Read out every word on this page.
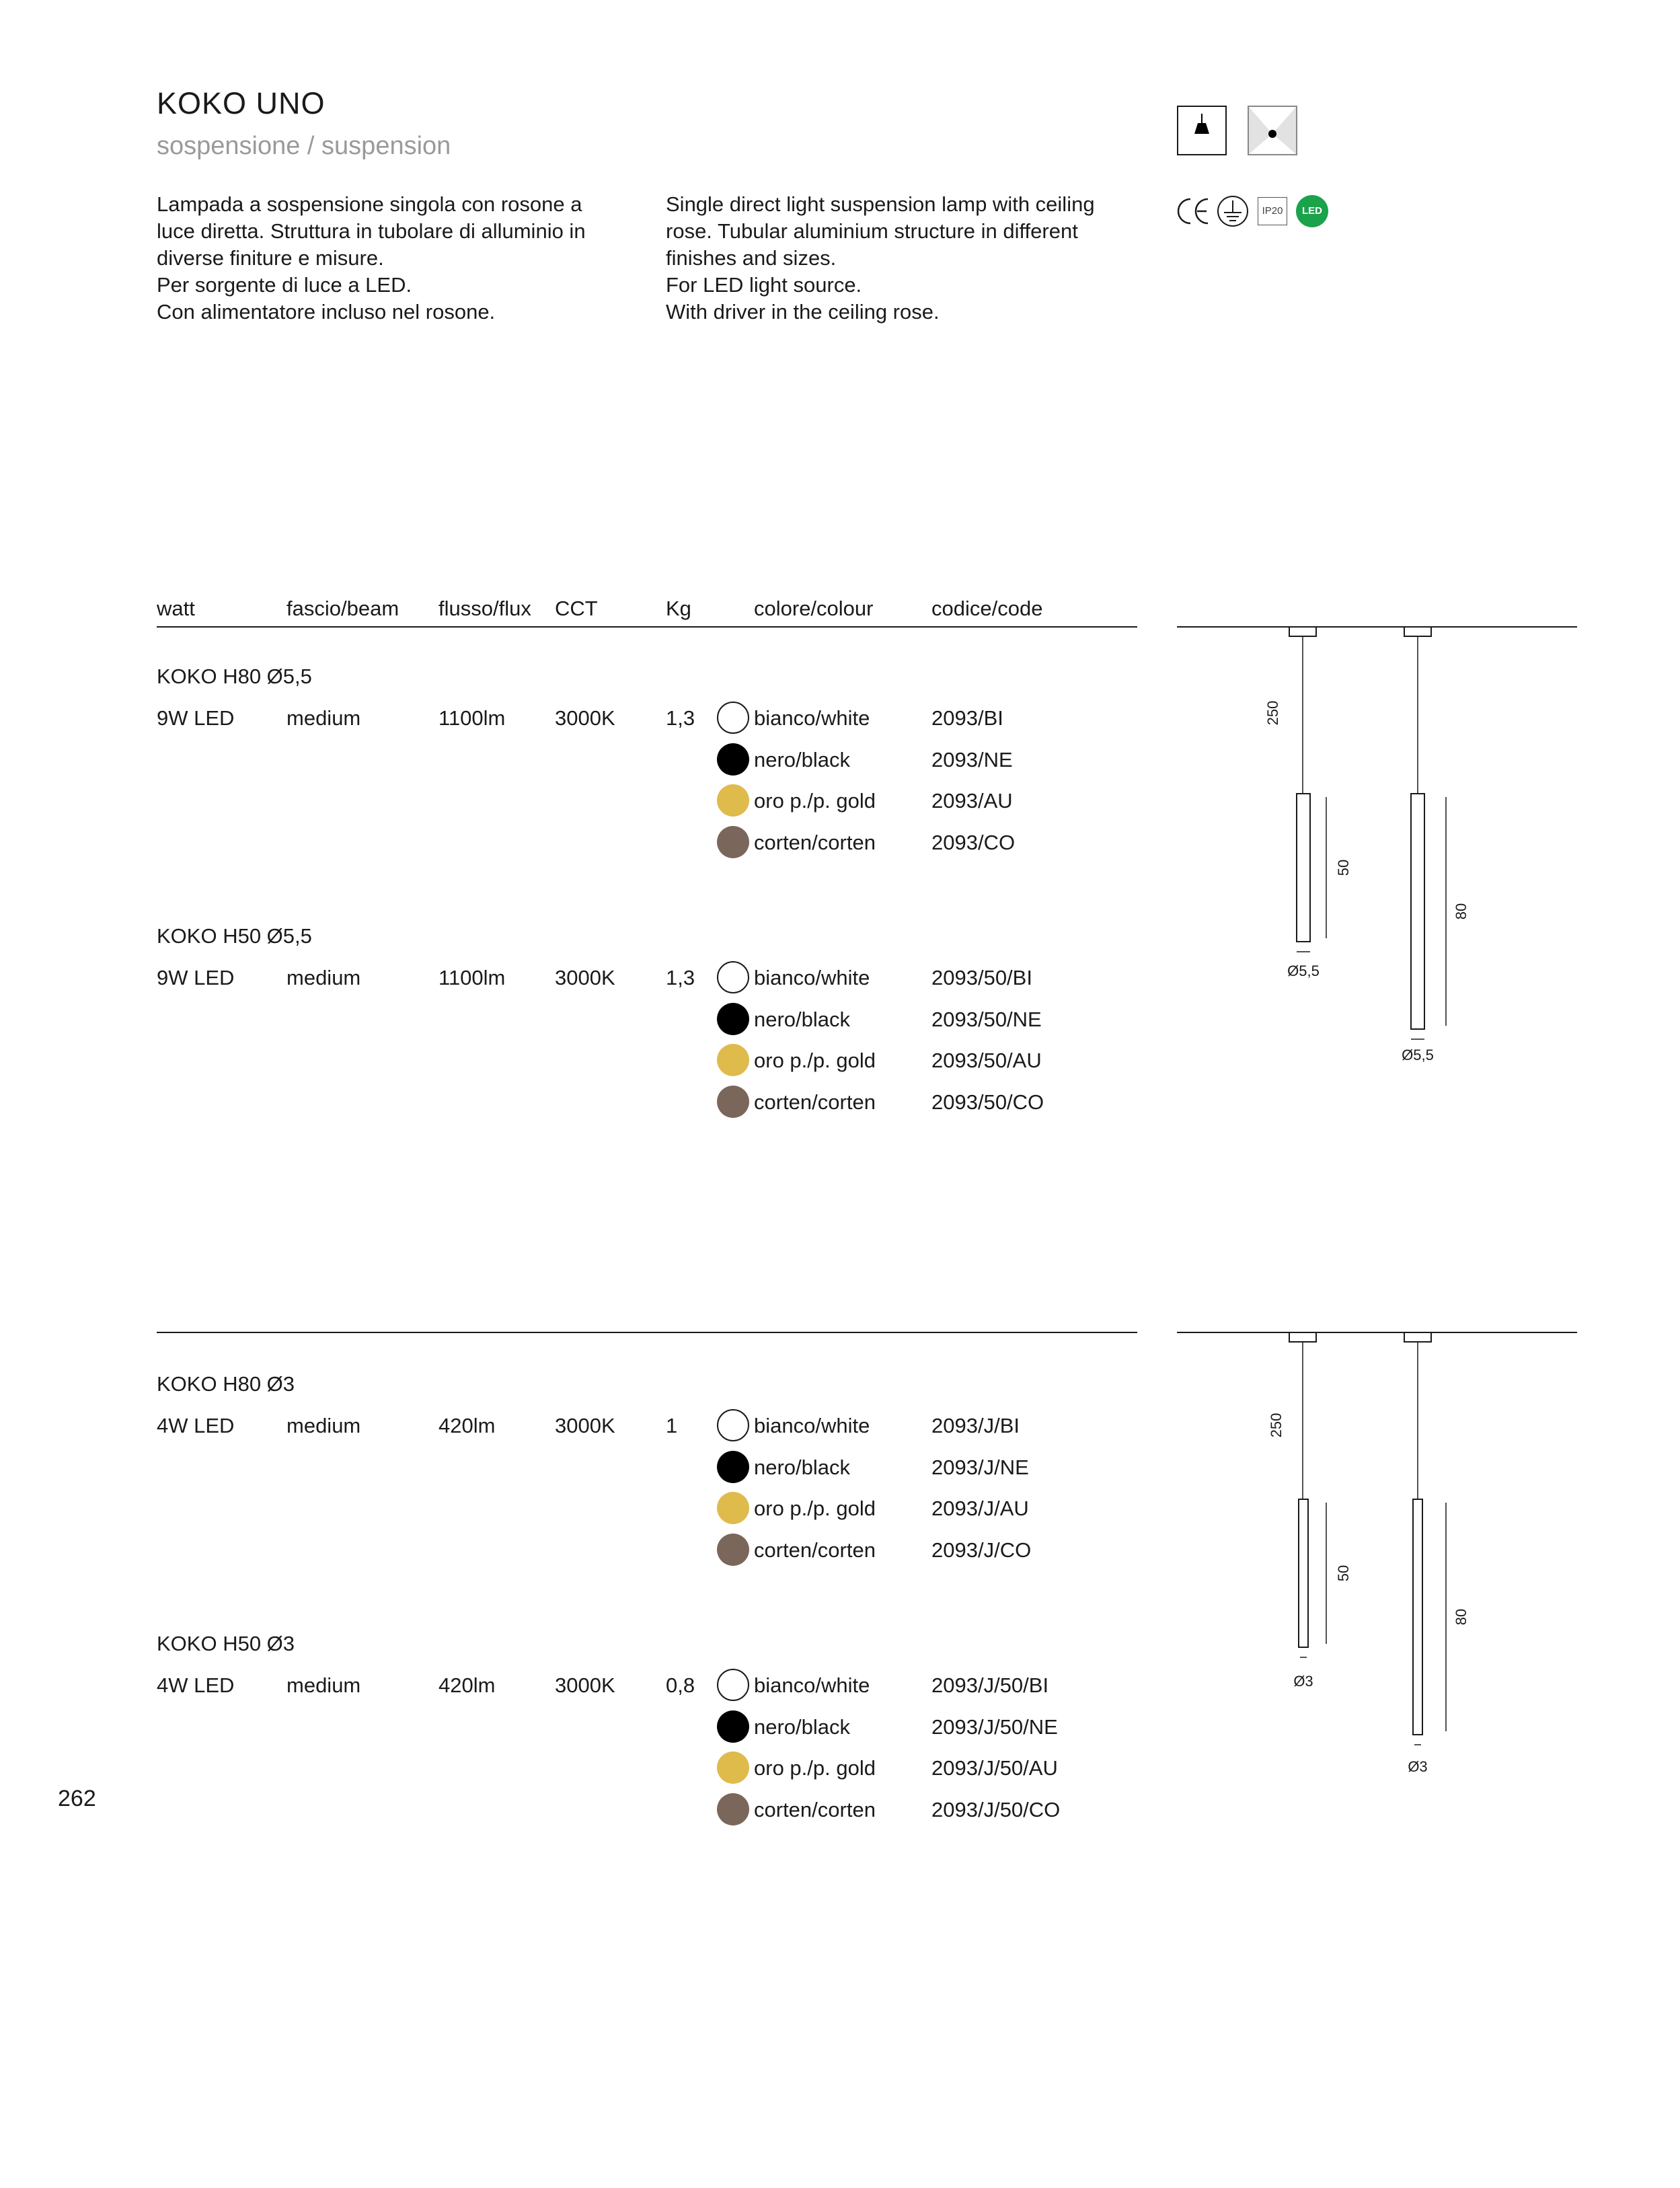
KOKO UNO
sospensione / suspension
Lampada a sospensione singola con rosone a
luce diretta. Struttura in tubolare di alluminio in
diverse finiture e misure.
Per sorgente di luce a LED.
Con alimentatore incluso nel rosone.
Single direct light suspension lamp with ceiling
rose. Tubular aluminium structure in different
finishes and sizes.
For LED light source.
With driver in the ceiling rose.
IP20	LED
watt	fascio/beam flusso/flux CCT	Kg	colore/colour	codice/code
KOKO H80 Ø5,5
9W LED	medium	1100lm 3000K 1,3	bianco/white	2093/BI
nero/black	2093/NE
oro p./p. gold	2093/AU
corten/corten	2093/CO
KOKO H50 Ø5,5
9W LED	medium	1100lm 3000K 1,3	bianco/white	2093/50/BI
nero/black	2093/50/NE
oro p./p. gold	2093/50/AU
corten/corten	2093/50/CO
KOKO H80 Ø3
4W LED	medium	420lm	3000K 1	bianco/white	2093/J/BI
nero/black	2093/J/NE
oro p./p. gold	2093/J/AU
corten/corten	2093/J/CO
KOKO H50 Ø3
4W LED	medium	420lm	3000K 0,8	bianco/white	2093/J/50/BI
nero/black	2093/J/50/NE
oro p./p. gold	2093/J/50/AU
corten/corten	2093/J/50/CO
250
50
80
Ø5,5
Ø5,5
250
50
80
Ø3
Ø3
262
